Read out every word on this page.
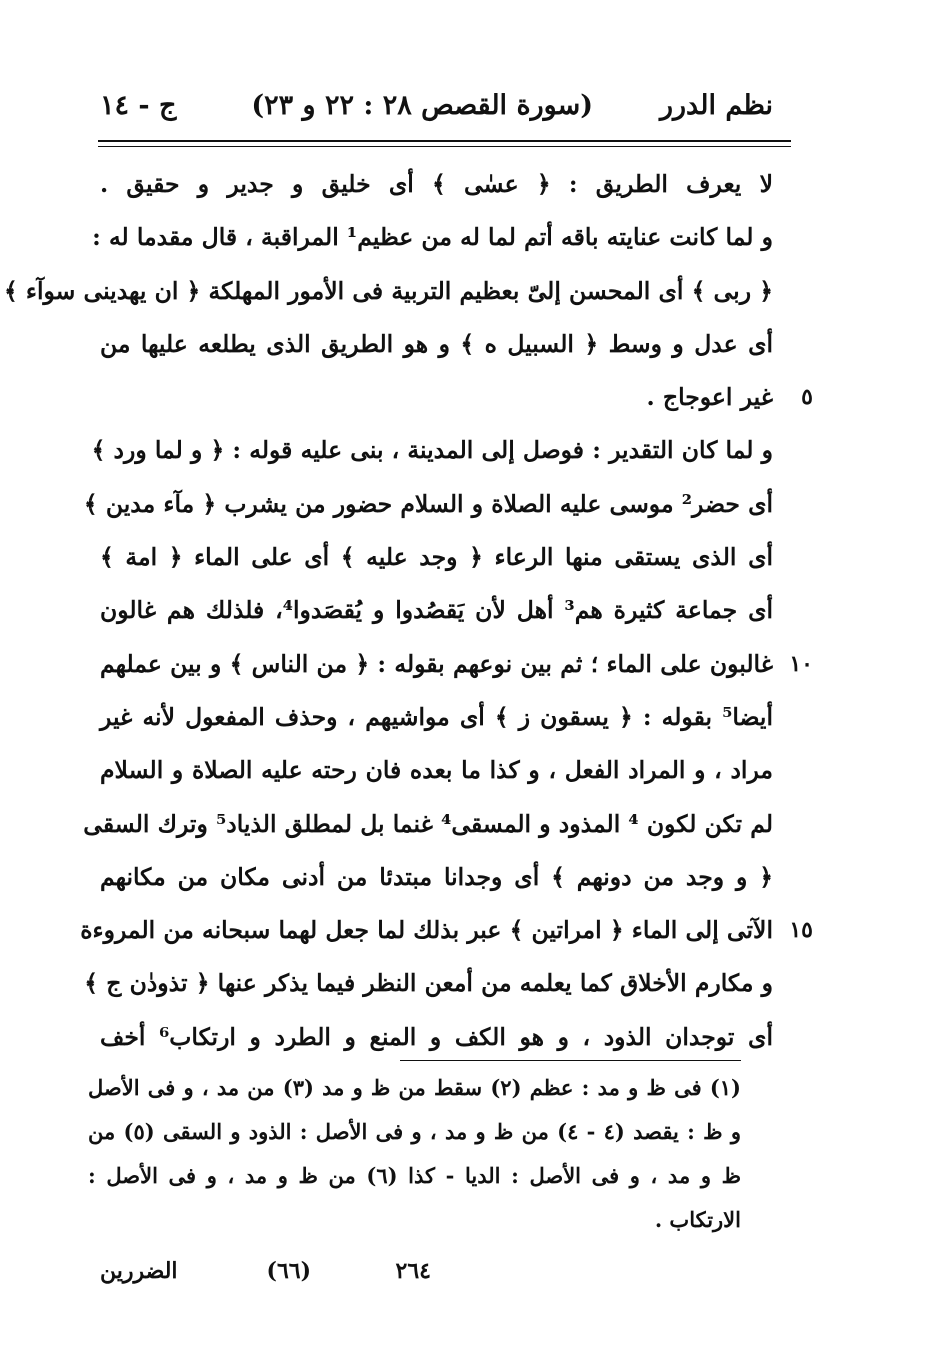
نظم الدرر
(سورة القصص ٢٨ : ٢٢ و ٢٣)
ج - ١٤
لا يعرف الطريق : ﴿ عسٰى ﴾ أى خليق و جدير و حقيق .
و لما كانت عنايته باقه أتم لما له من عظيم¹ المراقبة ، قال مقدما له :
﴿ ربى ﴾ أى المحسن إلىّ بعظيم التربية فى الأمور المهلكة ﴿ ان يهدينى سوآء ﴾
أى عدل و وسط ﴿ السبيل ه ﴾ و هو الطريق الذى يطلعه عليها من
٥
غير اعوجاج .
و لما كان التقدير : فوصل إلى المدينة ، بنى عليه قوله : ﴿ و لما ورد ﴾
أى حضر² موسى عليه الصلاة و السلام حضور من يشرب ﴿ مآء مدين ﴾
أى الذى يستقى منها الرعاء ﴿ وجد عليه ﴾ أى على الماء ﴿ امة ﴾
أى جماعة كثيرة هم³ أهل لأن يَقصُدوا و يُقصَدوا⁴، فلذلك هم غالون
١٠
غالبون على الماء ؛ ثم بين نوعهم بقوله : ﴿ من الناس ﴾ و بين عملهم
أيضا⁵ بقوله : ﴿ يسقون ز ﴾ أى مواشيهم ، وحذف المفعول لأنه غير
مراد ، و المراد الفعل ، و كذا ما بعده فان رحته عليه الصلاة و السلام
لم تكن لكون ⁴ المذود و المسقى⁴ غنما بل لمطلق الذياد⁵ وترك السقى
﴿ و وجد من دونهم ﴾ أى وجدانا مبتدئا من أدنى مكان من مكانهم
١٥
الآتى إلى الماء ﴿ امراتين ﴾ عبر بذلك لما جعل لهما سبحانه من المروءة
و مكارم الأخلاق كما يعلمه من أمعن النظر فيما يذكر عنها ﴿ تذودٰن ج ﴾
أى توجدان الذود ، و هو الكف و المنع و الطرد و ارتكاب⁶ أخف
(١) فى ظ و مد : عظم (٢) سقط من ظ و مد (٣) من مد ، و فى الأصل
و ظ : يقصد (٤ - ٤) من ظ و مد ، و فى الأصل : الذود و السقى (٥) من
ظ و مد ، و فى الأصل : الديا - كذا (٦) من ظ و مد ، و فى الأصل :
الارتكاب .
٢٦٤
(٦٦)
الضررين
